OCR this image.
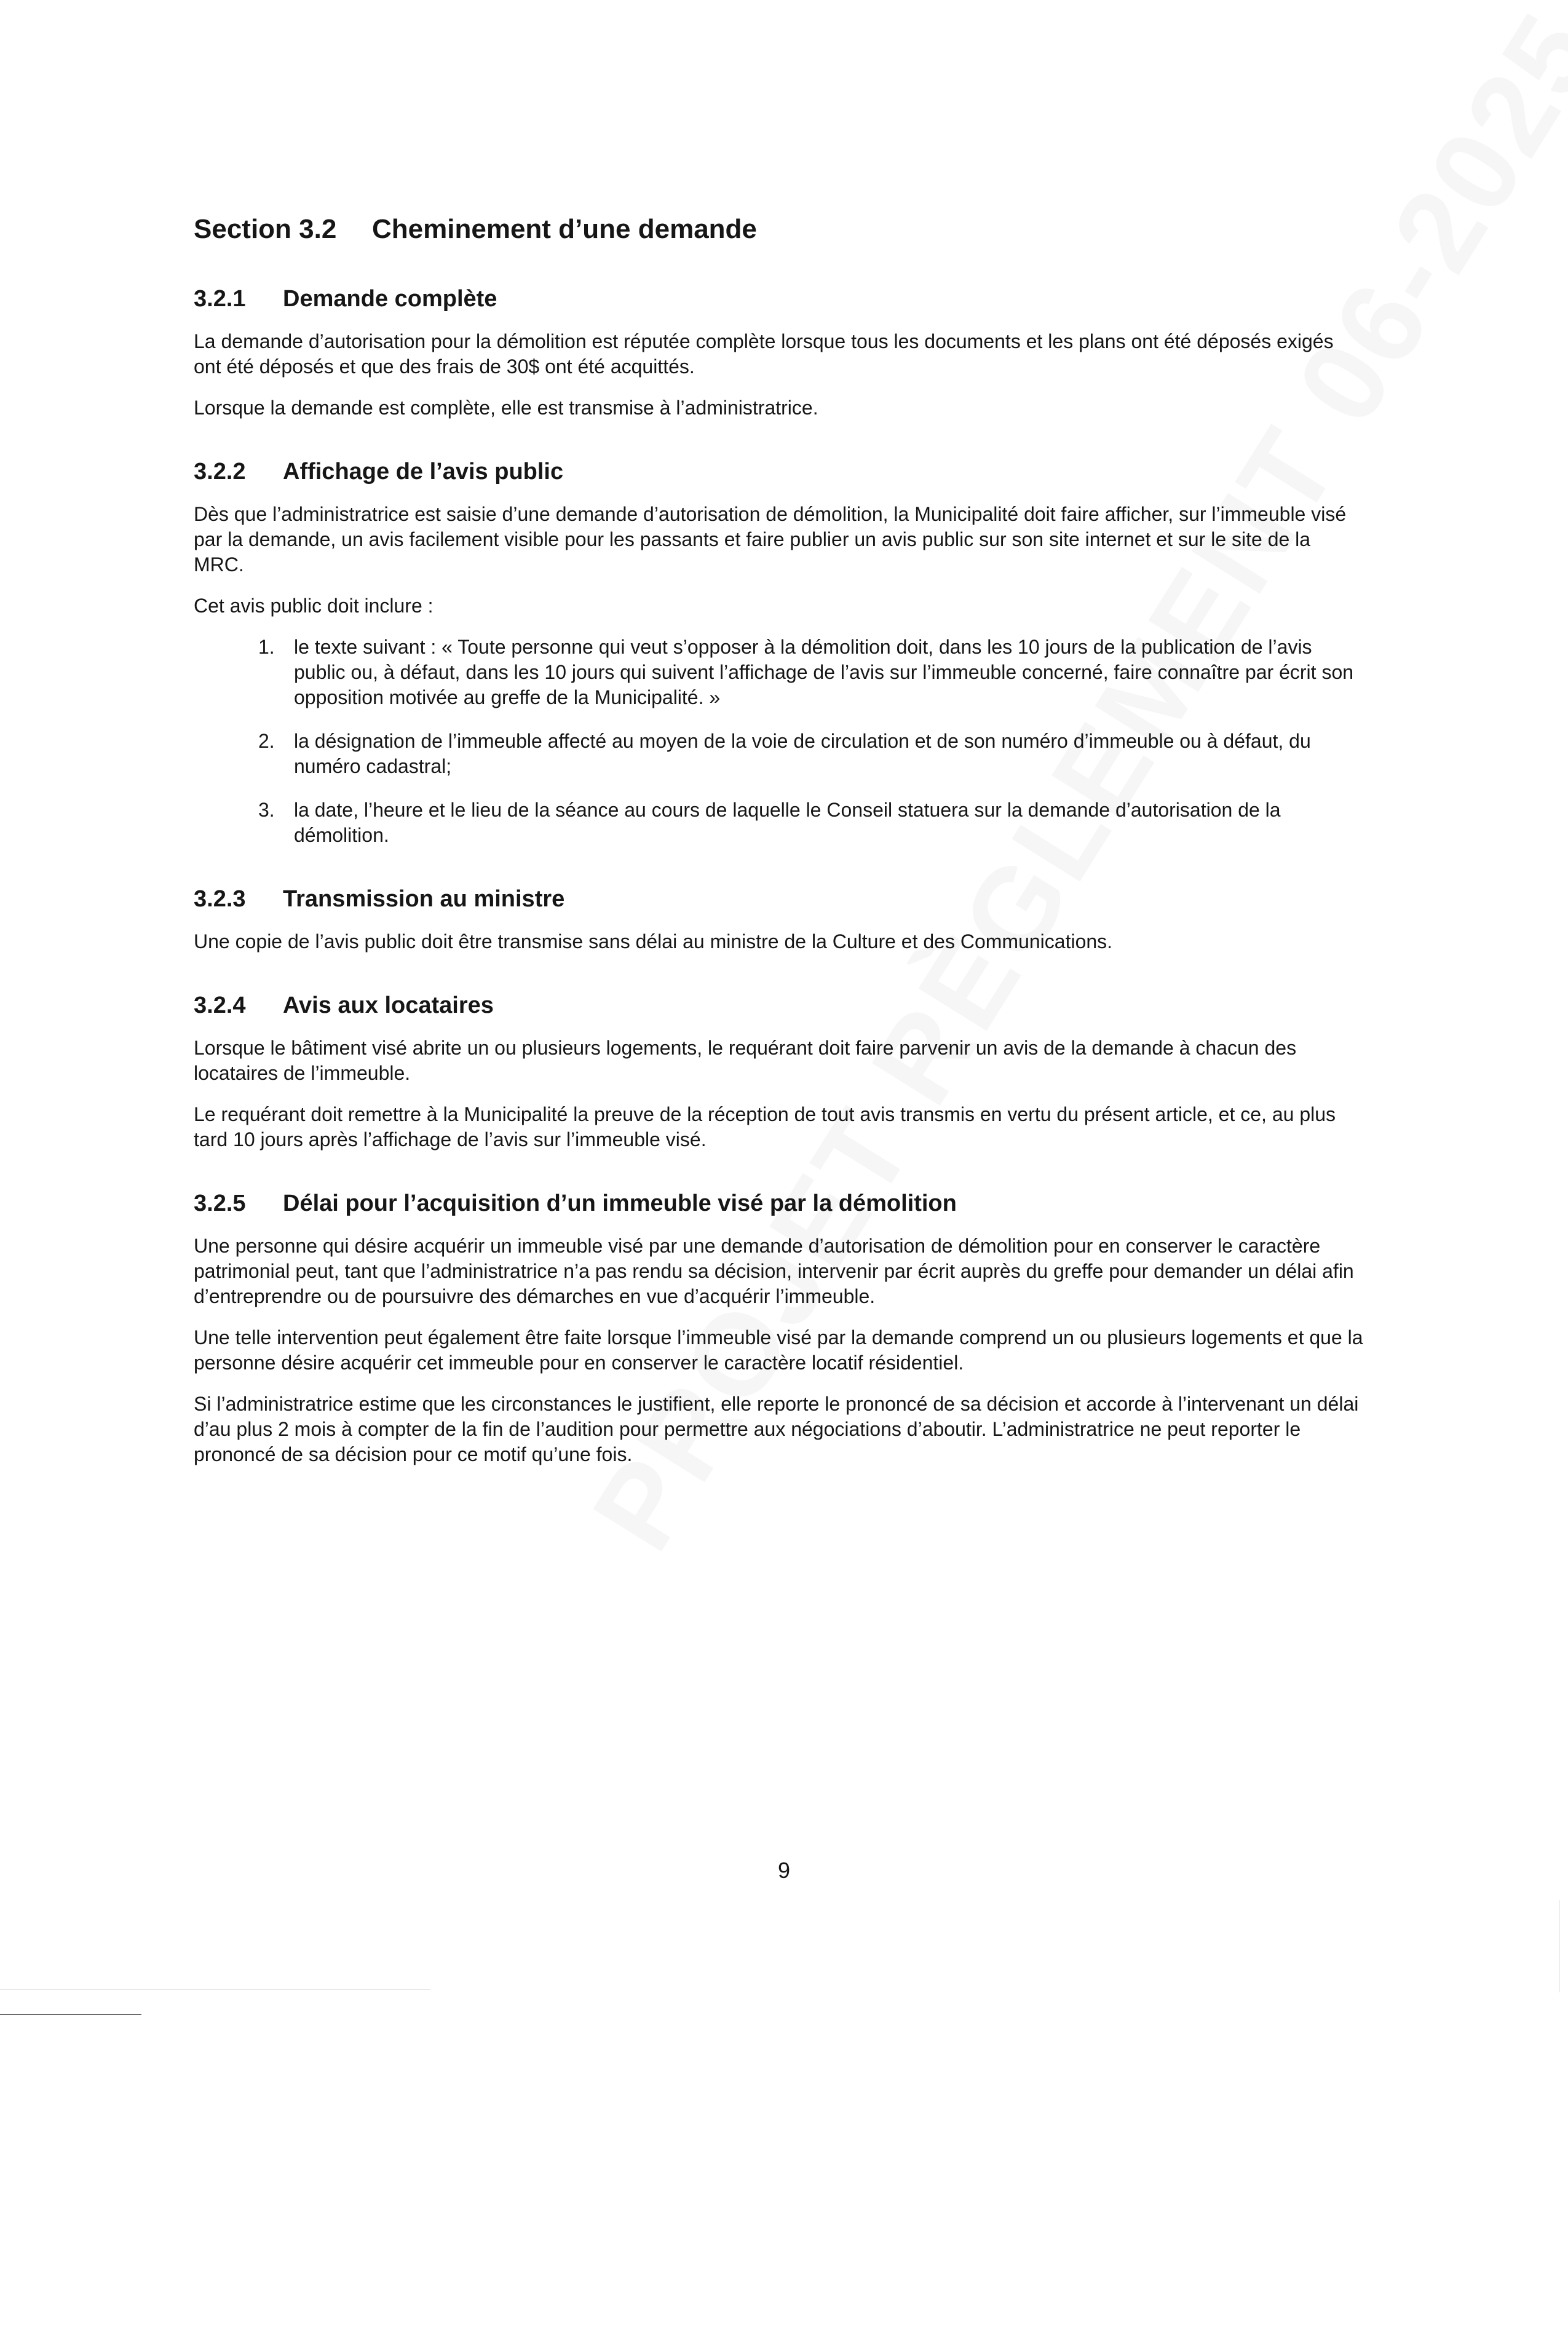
Section 3.2	Cheminement d’une demande
3.2.1	Demande complète

La demande d’autorisation pour la démolition est réputée complète lorsque tous les documents et les plans ont été déposés exigés ont été déposés et que des frais de 30$ ont été acquittés.

Lorsque la demande est complète, elle est transmise à l’administratrice.

3.2.2	Affichage de l’avis public

Dès que l’administratrice est saisie d’une demande d’autorisation de démolition, la Municipalité doit faire afficher, sur l’immeuble visé par la demande, un avis facilement visible pour les passants et faire publier un avis public sur son site internet et sur le site de la MRC.

Cet avis public doit inclure :

1. le texte suivant : « Toute personne qui veut s’opposer à la démolition doit, dans les 10 jours de la publication de l’avis public ou, à défaut, dans les 10 jours qui suivent l’affichage de l’avis sur l’immeuble concerné, faire connaître par écrit son opposition motivée au greffe de la Municipalité. »
2. la désignation de l’immeuble affecté au moyen de la voie de circulation et de son numéro d’immeuble ou à défaut, du numéro cadastral;
3. la date, l’heure et le lieu de la séance au cours de laquelle le Conseil statuera sur la demande d’autorisation de la démolition.
3.2.3	Transmission au ministre

Une copie de l’avis public doit être transmise sans délai au ministre de la Culture et des Communications.

3.2.4	Avis aux locataires

Lorsque le bâtiment visé abrite un ou plusieurs logements, le requérant doit faire parvenir un avis de la demande à chacun des locataires de l’immeuble.

Le requérant doit remettre à la Municipalité la preuve de la réception de tout avis transmis en vertu du présent article, et ce, au plus tard 10 jours après l’affichage de l’avis sur l’immeuble visé.

3.2.5	Délai pour l’acquisition d’un immeuble visé par la démolition

Une personne qui désire acquérir un immeuble visé par une demande d’autorisation de démolition pour en conserver le caractère patrimonial peut, tant que l’administratrice n’a pas rendu sa décision, intervenir par écrit auprès du greffe pour demander un délai afin d’entreprendre ou de poursuivre des démarches en vue d’acquérir l’immeuble.

Une telle intervention peut également être faite lorsque l’immeuble visé par la demande comprend un ou plusieurs logements et que la personne désire acquérir cet immeuble pour en conserver le caractère locatif résidentiel.

Si l’administratrice estime que les circonstances le justifient, elle reporte le prononcé de sa décision et accorde à l’intervenant un délai d’au plus 2 mois à compter de la fin de l’audition pour permettre aux négociations d’aboutir. L’administratrice ne peut reporter le prononcé de sa décision pour ce motif qu’une fois.

9
